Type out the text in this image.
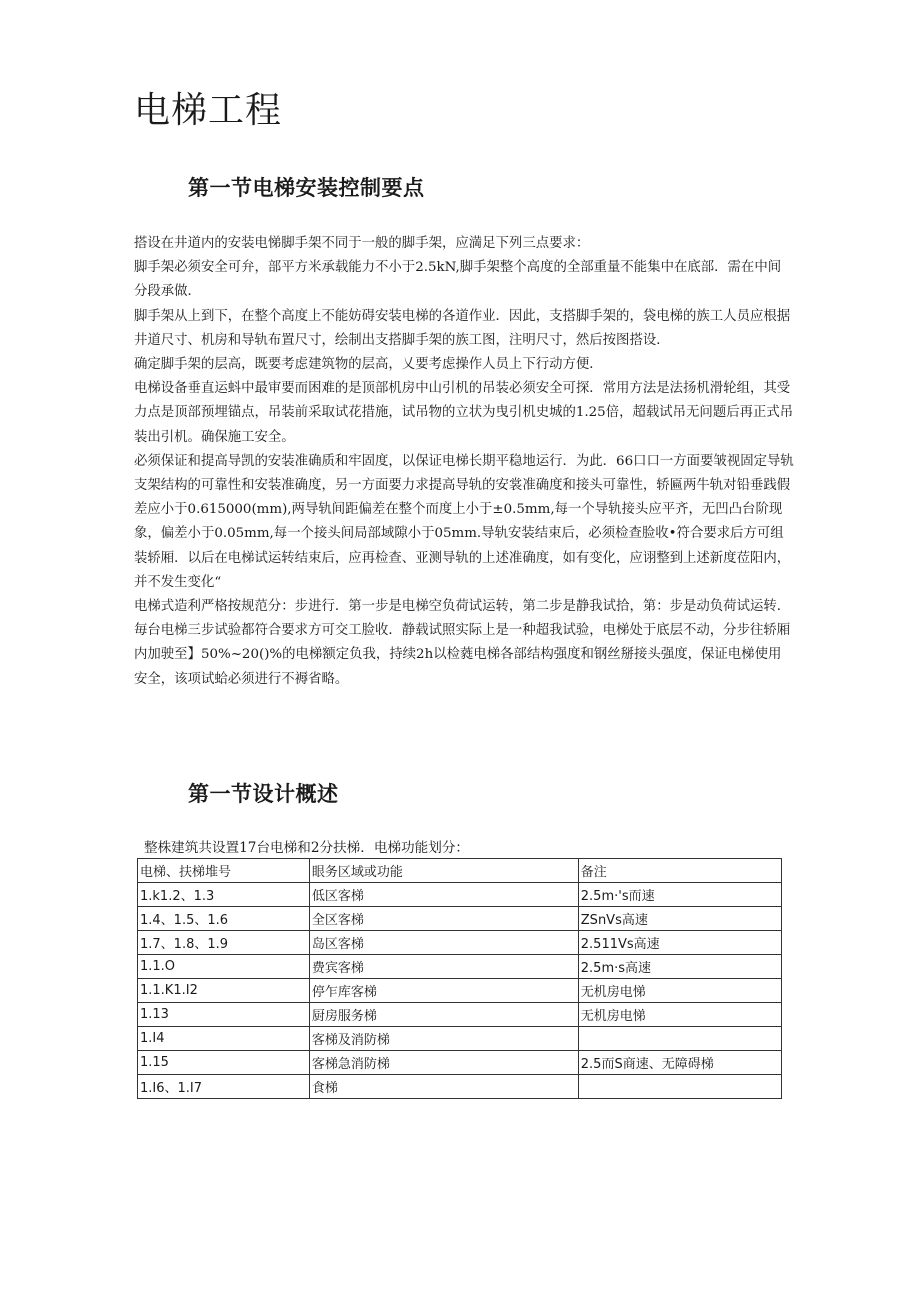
电梯工程
第一节电梯安装控制要点

搭设在井道内的安装电悌脚手架不同于一般的脚手架，应満足下列三点要求：

脚手架必须安全可弁，部平方米承载能力不小于2.5kN,脚手架整个高度的全部重量不能集中在底部．需在中间分段承做．

脚手架从上到下，在整个高度上不能妨碍安装电梯的各道作业．因此，支搭脚手架的，袋电梯的族工人员应根据井道尺寸、机房和导轨布置尺寸，绘制出支搭脚手架的族工图，注明尺寸，然后按图搭设．

确定脚手架的层高，既要考虑建筑物的层高，乂要考虑操作人员上下行动方便．

电梯设备垂直运蚪中最审要而困难的是顶部机房中山引机的吊装必须安全可探．常用方法是法扬机滑轮组，其受力点是顶部预埋锚点，吊装前采取试花措施，试吊物的立状为曳引机史城的1.25倍，超载试吊无问题后再正式吊装出引机。确保施工安全。

必须保证和提高导凯的安装准确质和牢固度，以保证电梯长期平稳地运行．为此．66口口一方面要皱视固定导轨支架结构的可靠性和安装准确度，另一方面要力求提高导轨的安裳准确度和接头可靠性，轿匾两牛轨对铅垂践假差应小于0.615000(mm),两导轨间距偏差在整个而度上小于±0.5mm,每一个导轨接头应平齐，无凹凸台阶现象，偏差小于0.05mm,每一个接头间局部域隙小于05mm.导轨安装结束后，必须检查脸收•符合要求后方可组装轿厢．以后在电梯试运转结束后，应再检查、亚测导轨的上述准确度，如有变化，应诩整到上述新度莅阳内，并不发生变化“

电梯式造利严格按规范分：步进行．第一步是电梯空负荷试运转，第二步是静我试拾，第：步是动负荷试运转．毎台电梯三步试验都符合要求方可交工脸收．静载试照实际上是一种超我试验，电梯处于底层不动，分步往轿厢内加驶至】50%~20()%的电梯额定负我，持续2h以检蕤电梯各部结构强度和钢丝掰接头强度，保证电梯使用安全，该项试蛤必须进行不褥省略。

第一节设计概述
整株建筑共设置17台电梯和2分扶梯．电梯功能划分：
电梯、扶梯堆号	眼务区域或功能	备注
1.k1.2、1.3	低区客梯	2.5m·'s而速
1.4、1.5、1.6	全区客梯	ZSnVs高速
1.7、1.8、1.9	岛区客梯	2.511Vs高速
1.1.O	费宾客梯	2.5m·s高速
1.1.K1.I2	停乍库客梯	无机房电悌
1.13	厨房服务梯	无机房电悌
1.I4	客梯及消防梯	
1.15	客梯急消防梯	2.5而S商速、无障碍梯
1.I6、1.I7	食梯	
